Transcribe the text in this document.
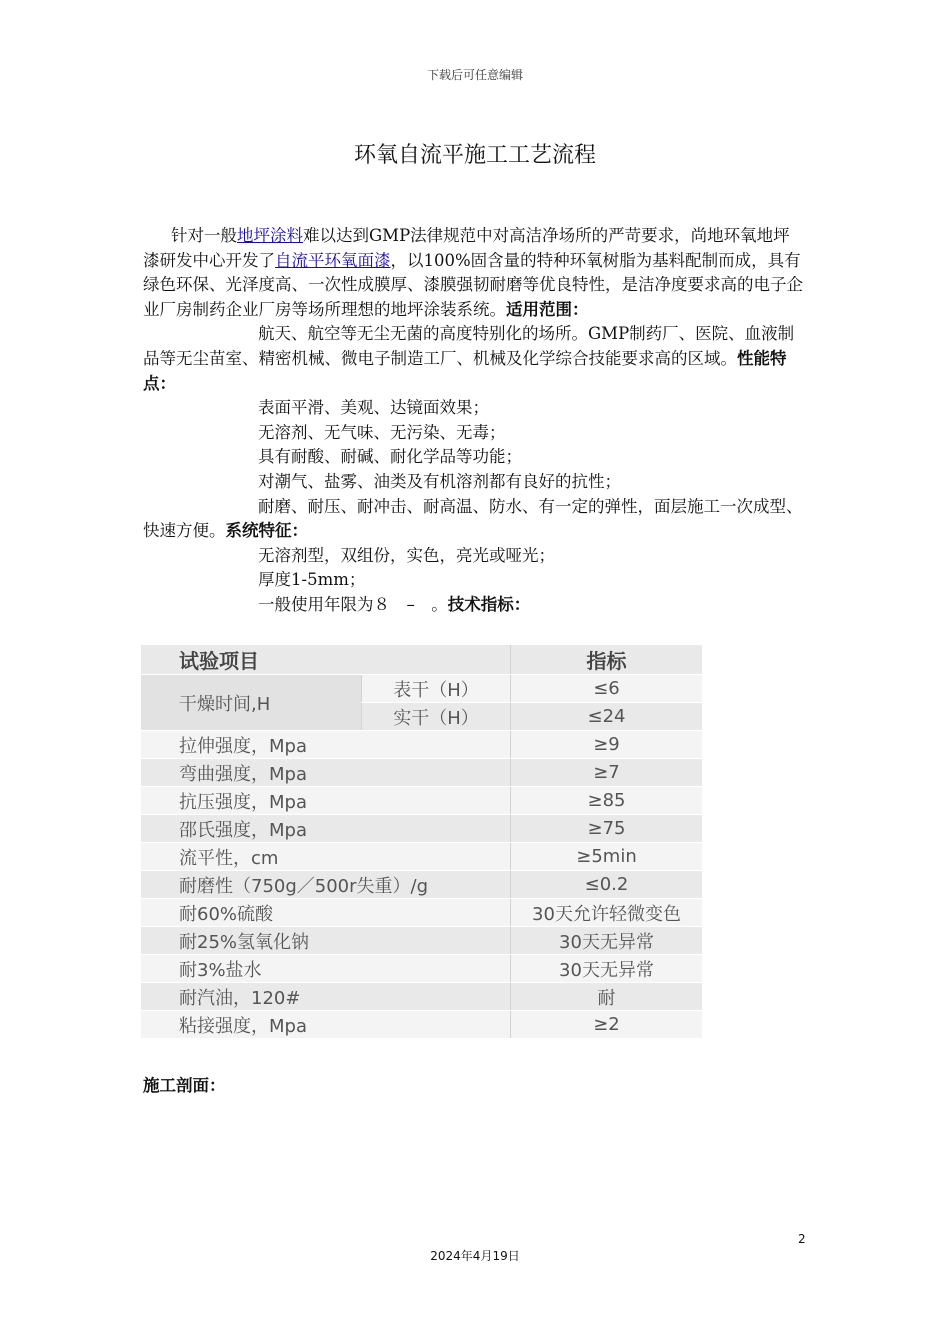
下载后可任意编辑
环氧自流平施工工艺流程

针对一般地坪涂料难以达到GMP法律规范中对高洁净场所的严苛要求，尚地环氧地坪漆研发中心开发了自流平环氧面漆，以100%固含量的特种环氧树脂为基料配制而成，具有绿色环保、光泽度高、一次性成膜厚、漆膜强韧耐磨等优良特性，是洁净度要求高的电子企业厂房制药企业厂房等场所理想的地坪涂装系统。适用范围：

航天、航空等无尘无菌的高度特别化的场所。GMP制药厂、医院、血液制品等无尘苗室、精密机械、微电子制造工厂、机械及化学综合技能要求高的区域。性能特点：

表面平滑、美观、达镜面效果；

无溶剂、无气味、无污染、无毒；

具有耐酸、耐碱、耐化学品等功能；

对潮气、盐雾、油类及有机溶剂都有良好的抗性；

耐磨、耐压、耐冲击、耐高温、防水、有一定的弹性，面层施工一次成型、快速方便。系统特征：

无溶剂型，双组份，实色，亮光或哑光；

厚度1-5mm；

一般使用年限为８　–　。技术指标：

试验项目		指标
干燥时间,H	表干（H）	≤6
	实干（H）	≤24
拉伸强度，Mpa		≥9
弯曲强度，Mpa		≥7
抗压强度，Mpa		≥85
邵氏强度，Mpa		≥75
流平性，cm		≥5min
耐磨性（750g／500r失重）/g		≤0.2
耐60%硫酸		30天允许轻微变色
耐25%氢氧化钠		30天无异常
耐3%盐水		30天无异常
耐汽油，120#		耐
粘接强度，Mpa		≥2
施工剖面：
2
2024年4月19日
